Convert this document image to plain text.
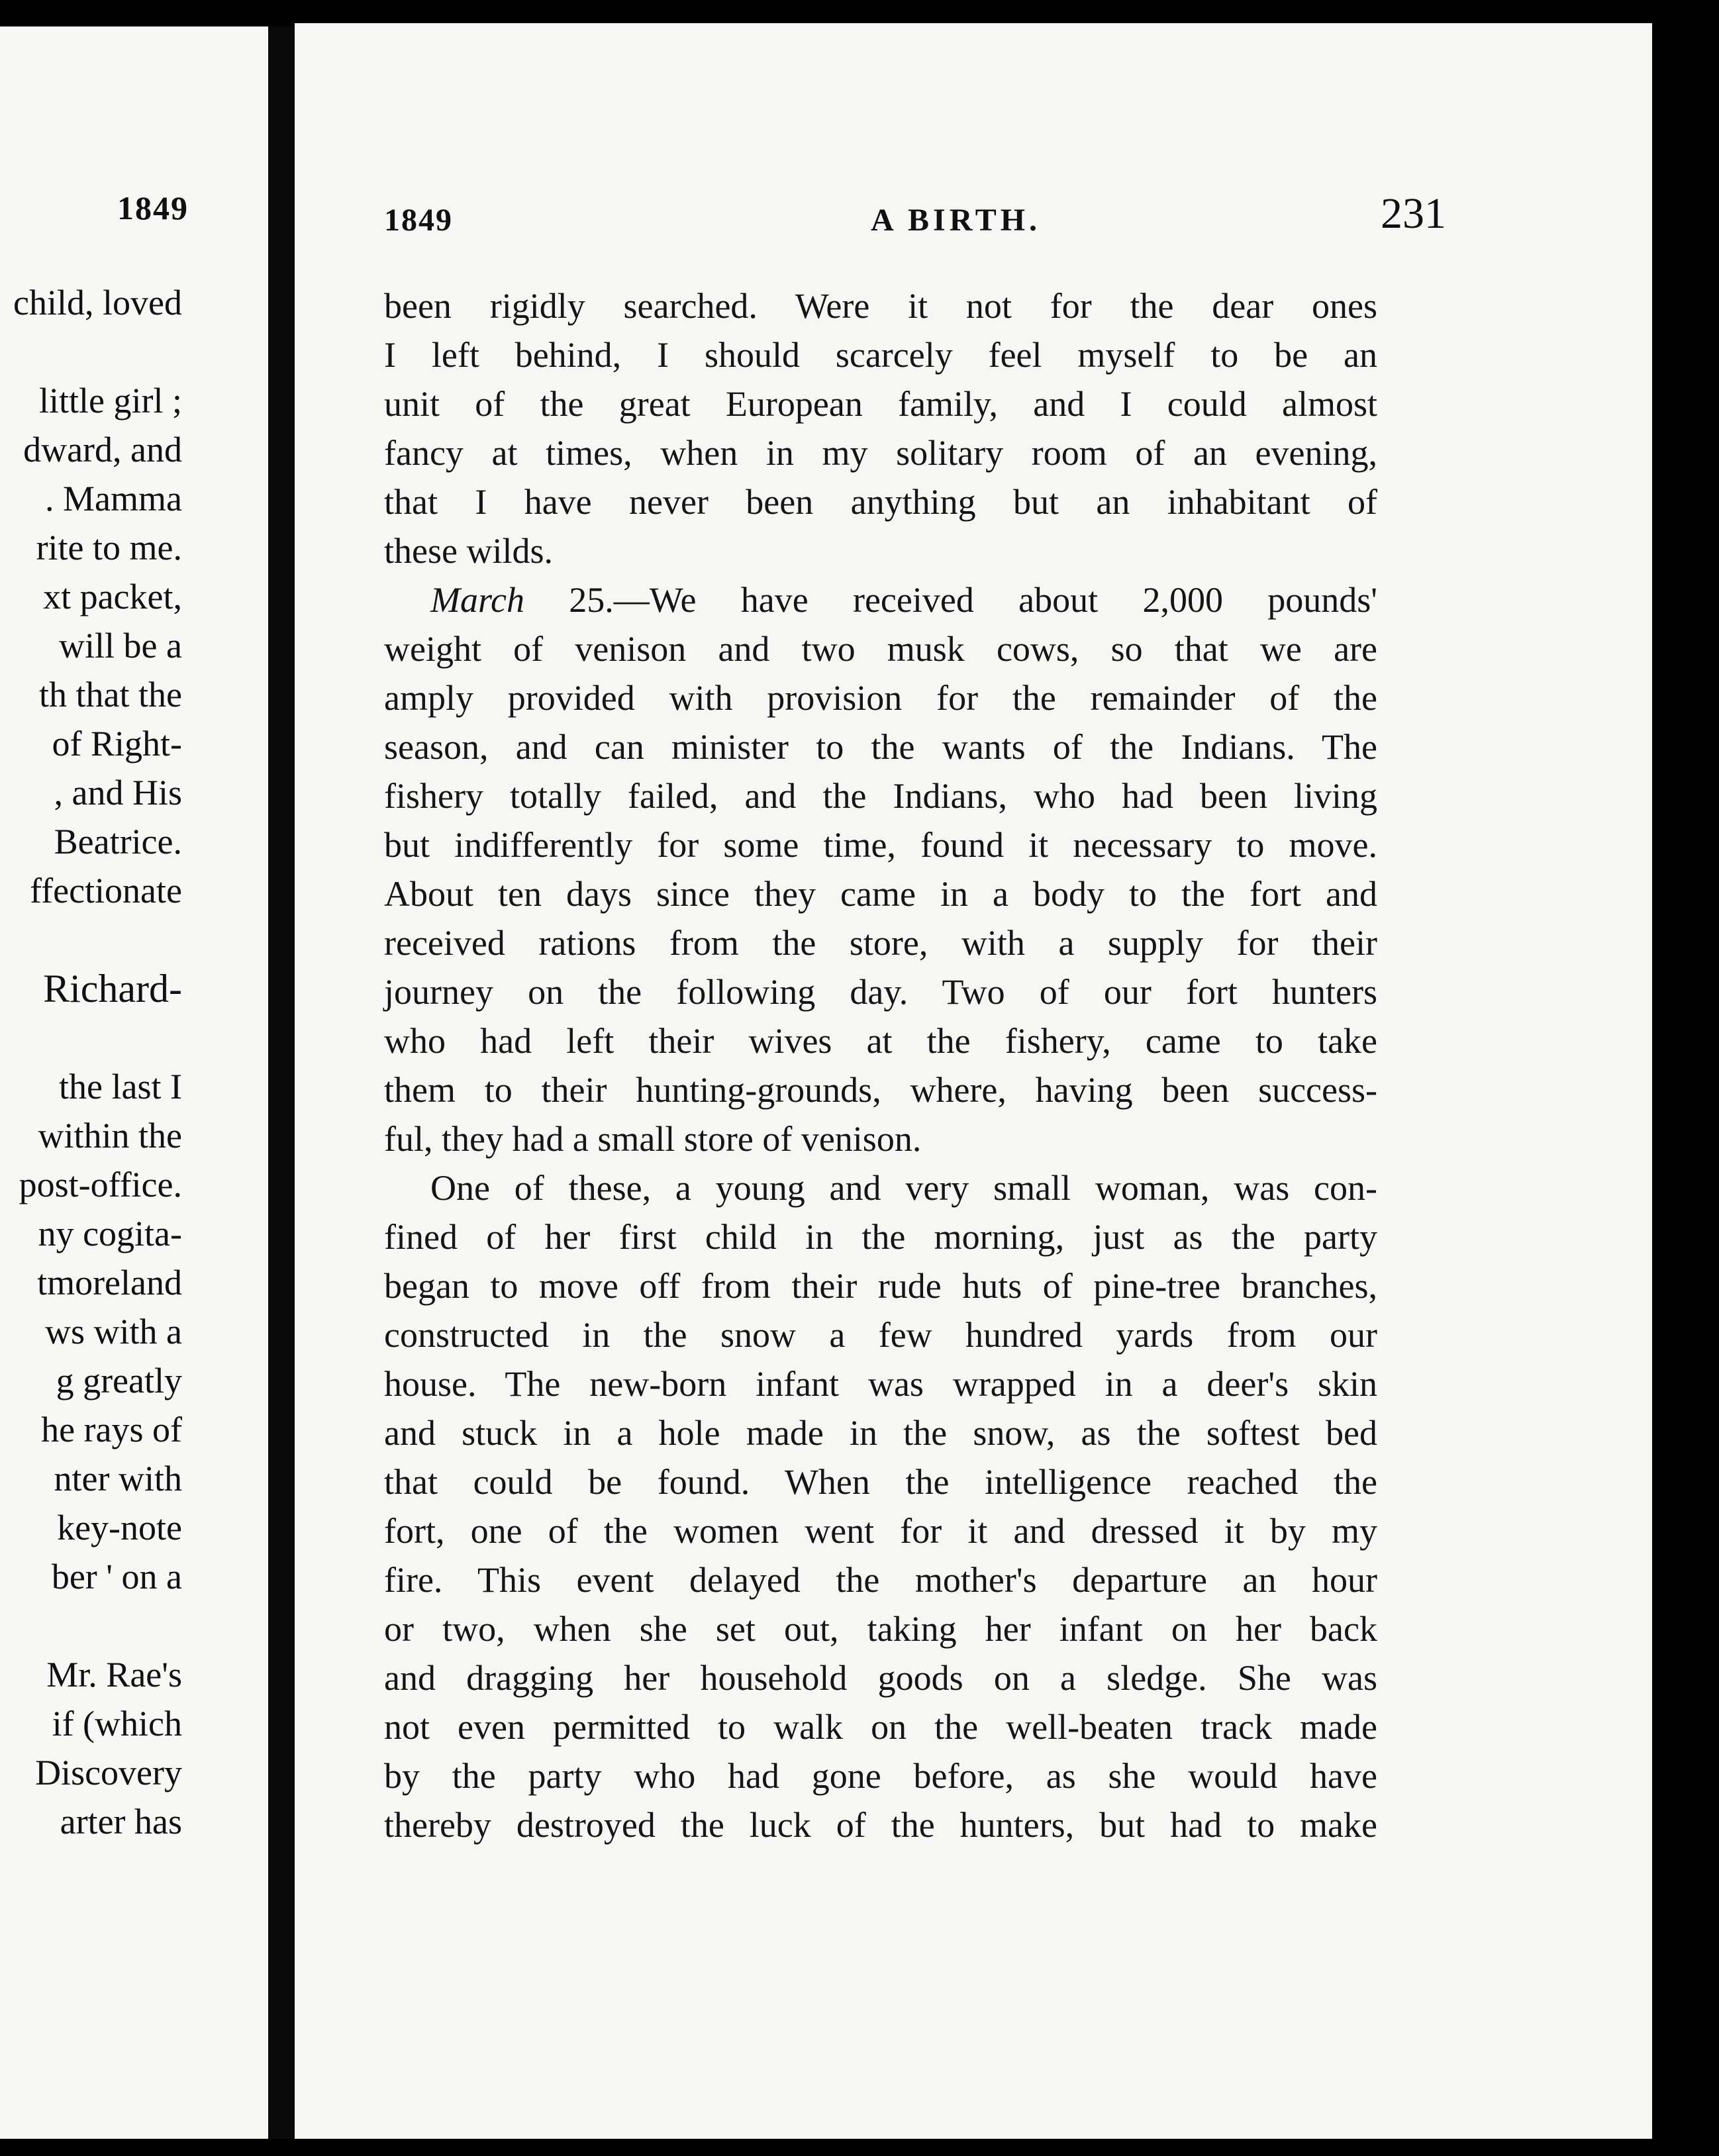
1849
child, loved
little girl ;
dward, and
. Mamma
rite to me.
xt packet,
will be a
th that the
of Right-
, and His
Beatrice.
ffectionate
Richard-
the last I
within the
post-office.
ny cogita-
tmoreland
ws with a
g greatly
he rays of
nter with
key-note
ber ' on a
Mr. Rae's
if (which
Discovery
arter has
1849	A BIRTH.	231
been rigidly searched. Were it not for the dear ones
I left behind, I should scarcely feel myself to be an
unit of the great European family, and I could almost
fancy at times, when in my solitary room of an evening,
that I have never been anything but an inhabitant of
these wilds.
March 25.—We have received about 2,000 pounds'
weight of venison and two musk cows, so that we are
amply provided with provision for the remainder of the
season, and can minister to the wants of the Indians. The
fishery totally failed, and the Indians, who had been living
but indifferently for some time, found it necessary to move.
About ten days since they came in a body to the fort and
received rations from the store, with a supply for their
journey on the following day. Two of our fort hunters
who had left their wives at the fishery, came to take
them to their hunting-grounds, where, having been success-
ful, they had a small store of venison.
One of these, a young and very small woman, was con-
fined of her first child in the morning, just as the party
began to move off from their rude huts of pine-tree branches,
constructed in the snow a few hundred yards from our
house. The new-born infant was wrapped in a deer's skin
and stuck in a hole made in the snow, as the softest bed
that could be found. When the intelligence reached the
fort, one of the women went for it and dressed it by my
fire. This event delayed the mother's departure an hour
or two, when she set out, taking her infant on her back
and dragging her household goods on a sledge. She was
not even permitted to walk on the well-beaten track made
by the party who had gone before, as she would have
thereby destroyed the luck of the hunters, but had to make
